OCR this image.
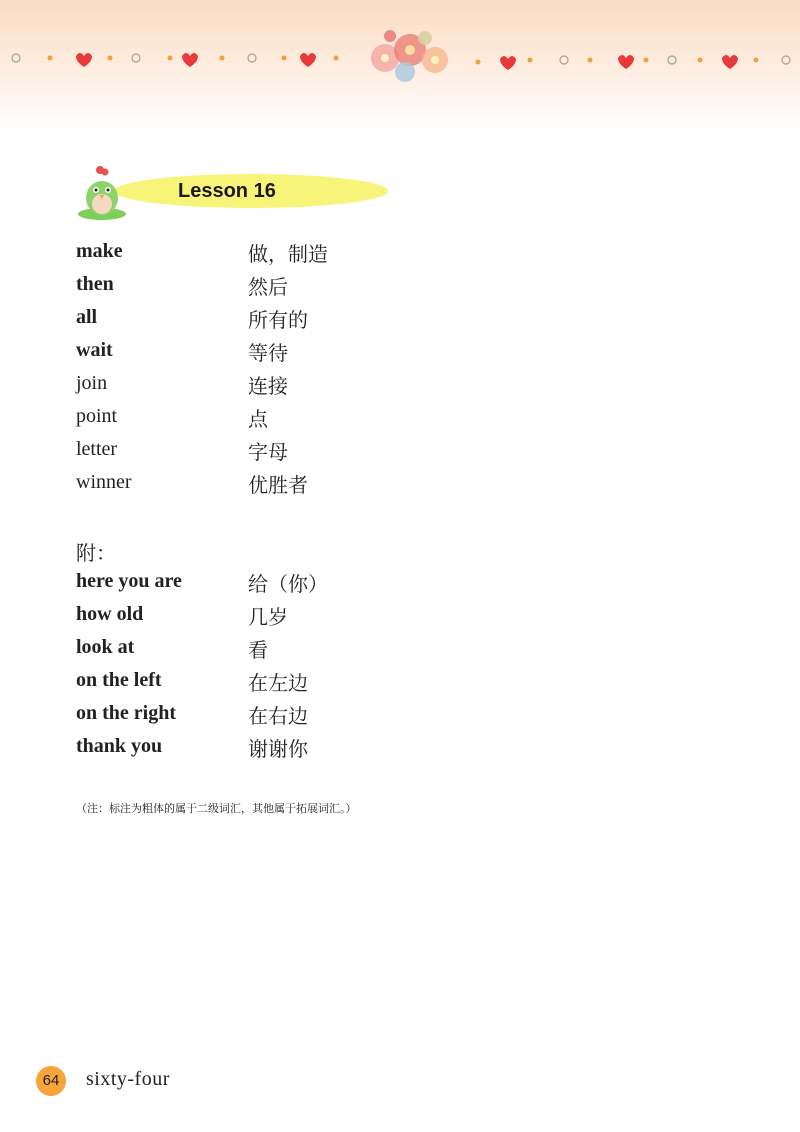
Lesson 16
make	做，制造
then	然后
all	所有的
wait	等待
join	连接
point	点
letter	字母
winner	优胜者
附：
here you are	给（你）
how old	几岁
look at	看
on the left	在左边
on the right	在右边
thank you	谢谢你
（注：标注为粗体的属于二级词汇，其他属于拓展词汇。）
64	sixty-four
